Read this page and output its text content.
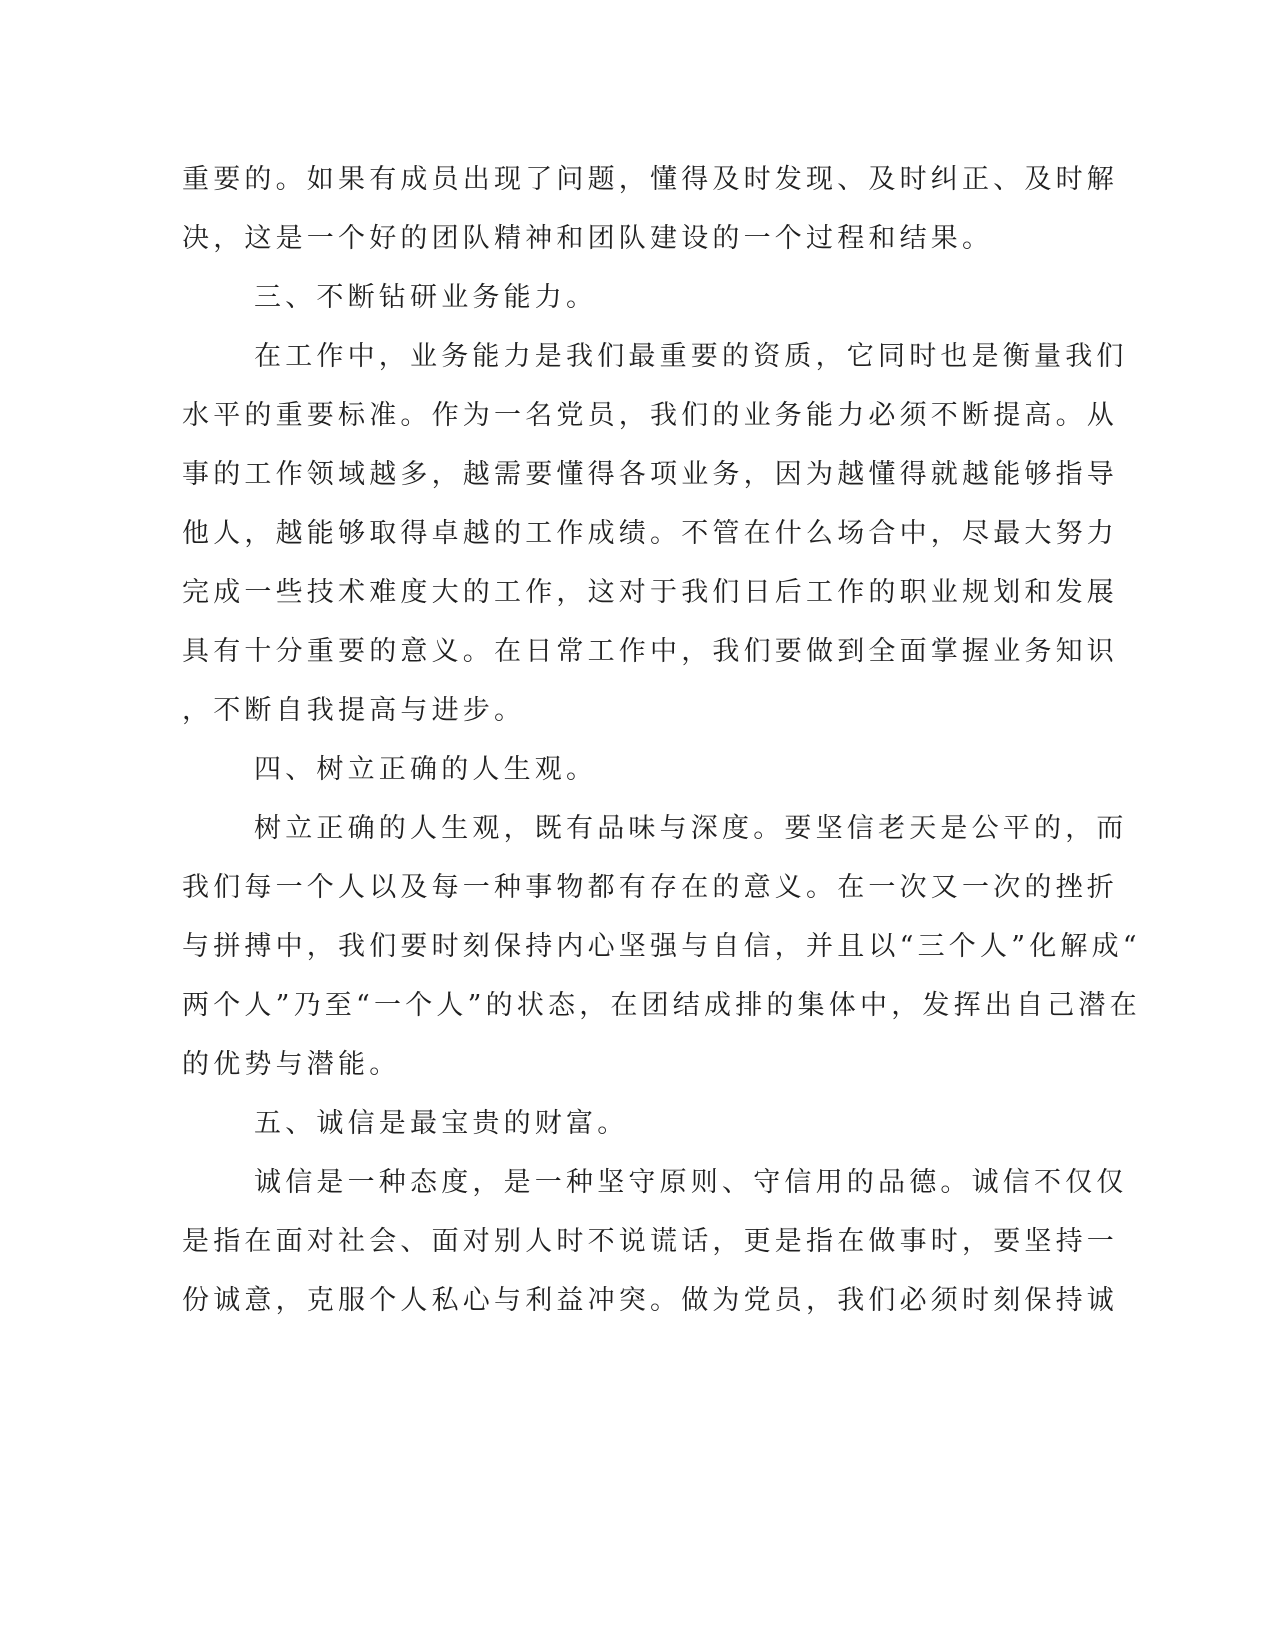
重要的。如果有成员出现了问题，懂得及时发现、及时纠正、及时解
决，这是一个好的团队精神和团队建设的一个过程和结果。
三、不断钻研业务能力。
在工作中，业务能力是我们最重要的资质，它同时也是衡量我们
水平的重要标准。作为一名党员，我们的业务能力必须不断提高。从
事的工作领域越多，越需要懂得各项业务，因为越懂得就越能够指导
他人，越能够取得卓越的工作成绩。不管在什么场合中，尽最大努力
完成一些技术难度大的工作，这对于我们日后工作的职业规划和发展
具有十分重要的意义。在日常工作中，我们要做到全面掌握业务知识
，不断自我提高与进步。
四、树立正确的人生观。
树立正确的人生观，既有品味与深度。要坚信老天是公平的，而
我们每一个人以及每一种事物都有存在的意义。在一次又一次的挫折
与拼搏中，我们要时刻保持内心坚强与自信，并且以“三个人”化解成“
两个人”乃至“一个人”的状态，在团结成排的集体中，发挥出自己潜在
的优势与潜能。
五、诚信是最宝贵的财富。
诚信是一种态度，是一种坚守原则、守信用的品德。诚信不仅仅
是指在面对社会、面对别人时不说谎话，更是指在做事时，要坚持一
份诚意，克服个人私心与利益冲突。做为党员，我们必须时刻保持诚
